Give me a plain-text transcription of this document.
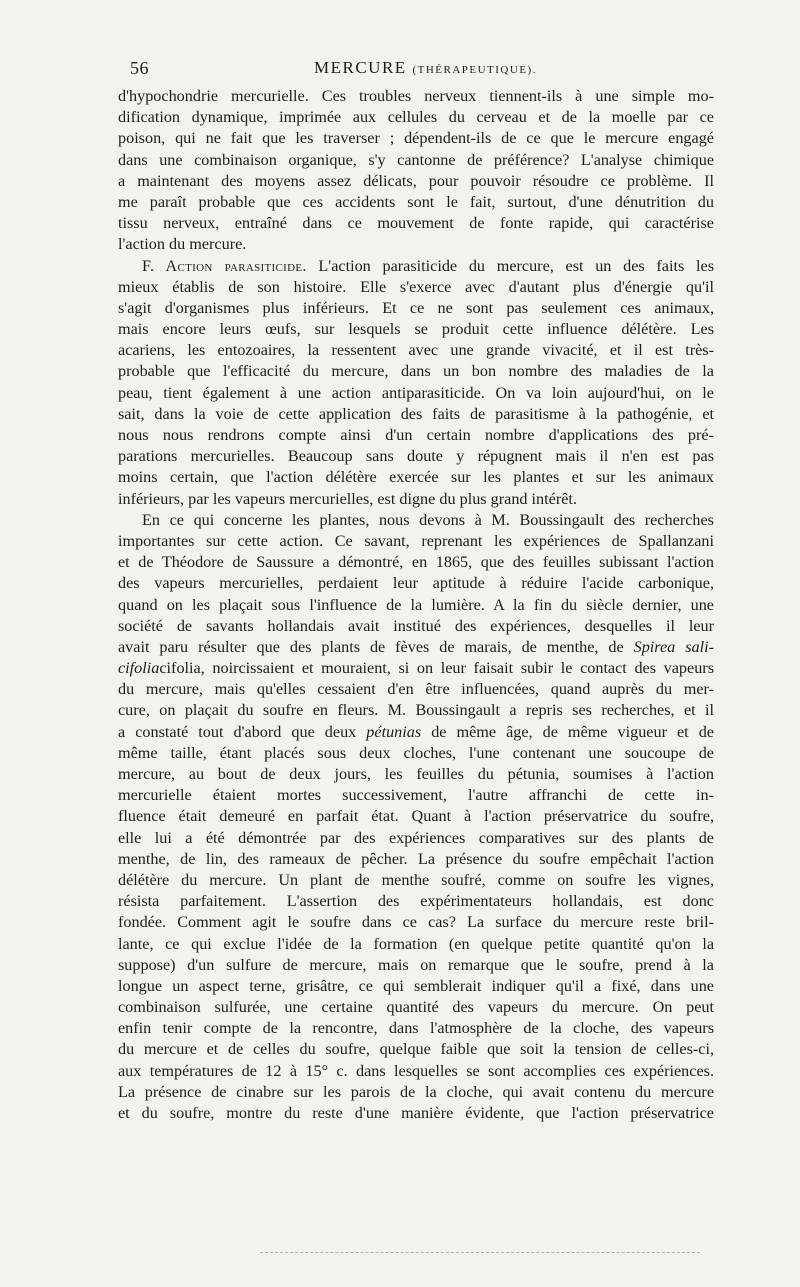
56	MERCURE (THÉRAPEUTIQUE).
d'hypochondrie mercurielle. Ces troubles nerveux tiennent-ils à une simple mo-
dification dynamique, imprimée aux cellules du cerveau et de la moelle par ce
poison, qui ne fait que les traverser ; dépendent-ils de ce que le mercure engagé
dans une combinaison organique, s'y cantonne de préférence? L'analyse chimique
a maintenant des moyens assez délicats, pour pouvoir résoudre ce problème. Il
me paraît probable que ces accidents sont le fait, surtout, d'une dénutrition du
tissu nerveux, entraîné dans ce mouvement de fonte rapide, qui caractérise
l'action du mercure.
F. Action parasiticide. L'action parasiticide du mercure, est un des faits les
mieux établis de son histoire. Elle s'exerce avec d'autant plus d'énergie qu'il
s'agit d'organismes plus inférieurs. Et ce ne sont pas seulement ces animaux,
mais encore leurs œufs, sur lesquels se produit cette influence délétère. Les
acariens, les entozoaires, la ressentent avec une grande vivacité, et il est très-
probable que l'efficacité du mercure, dans un bon nombre des maladies de la
peau, tient également à une action antiparasiticide. On va loin aujourd'hui, on le
sait, dans la voie de cette application des faits de parasitisme à la pathogénie, et
nous nous rendrons compte ainsi d'un certain nombre d'applications des pré-
parations mercurielles. Beaucoup sans doute y répugnent mais il n'en est pas
moins certain, que l'action délétère exercée sur les plantes et sur les animaux
inférieurs, par les vapeurs mercurielles, est digne du plus grand intérêt.
En ce qui concerne les plantes, nous devons à M. Boussingault des recherches
importantes sur cette action. Ce savant, reprenant les expériences de Spallanzani
et de Théodore de Saussure a démontré, en 1865, que des feuilles subissant l'action
des vapeurs mercurielles, perdaient leur aptitude à réduire l'acide carbonique,
quand on les plaçait sous l'influence de la lumière. A la fin du siècle dernier, une
société de savants hollandais avait institué des expériences, desquelles il leur
avait paru résulter que des plants de fèves de marais, de menthe, de Spirea sali-
cifoliacifolia, noircissaient et mouraient, si on leur faisait subir le contact des vapeurs
du mercure, mais qu'elles cessaient d'en être influencées, quand auprès du mer-
cure, on plaçait du soufre en fleurs. M. Boussingault a repris ses recherches, et il
a constaté tout d'abord que deux pétunias de même âge, de même vigueur et de
même taille, étant placés sous deux cloches, l'une contenant une soucoupe de
mercure, au bout de deux jours, les feuilles du pétunia, soumises à l'action
mercurielle étaient mortes successivement, l'autre affranchi de cette in-
fluence était demeuré en parfait état. Quant à l'action préservatrice du soufre,
elle lui a été démontrée par des expériences comparatives sur des plants de
menthe, de lin, des rameaux de pêcher. La présence du soufre empêchait l'action
délétère du mercure. Un plant de menthe soufré, comme on soufre les vignes,
résista parfaitement. L'assertion des expérimentateurs hollandais, est donc
fondée. Comment agit le soufre dans ce cas? La surface du mercure reste bril-
lante, ce qui exclue l'idée de la formation (en quelque petite quantité qu'on la
suppose) d'un sulfure de mercure, mais on remarque que le soufre, prend à la
longue un aspect terne, grisâtre, ce qui semblerait indiquer qu'il a fixé, dans une
combinaison sulfurée, une certaine quantité des vapeurs du mercure. On peut
enfin tenir compte de la rencontre, dans l'atmosphère de la cloche, des vapeurs
du mercure et de celles du soufre, quelque faible que soit la tension de celles-ci,
aux températures de 12 à 15° c. dans lesquelles se sont accomplies ces expériences.
La présence de cinabre sur les parois de la cloche, qui avait contenu du mercure
et du soufre, montre du reste d'une manière évidente, que l'action préservatrice
